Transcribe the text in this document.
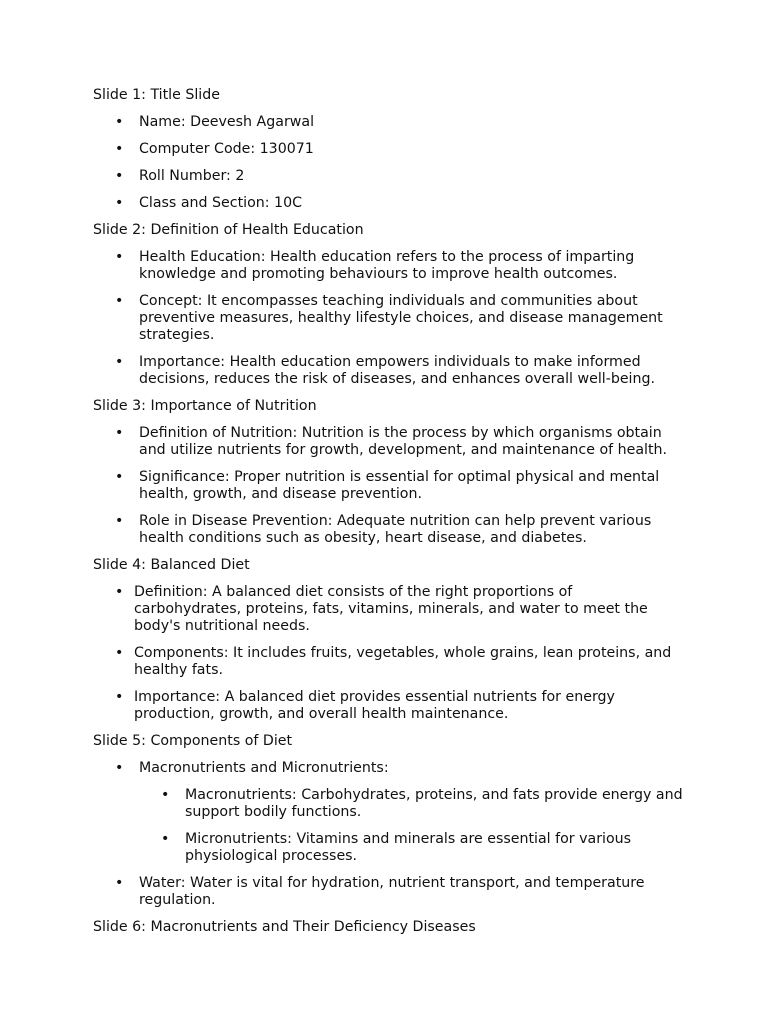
Slide 1: Title Slide
• Name: Deevesh Agarwal
• Computer Code: 130071
• Roll Number: 2
• Class and Section: 10C
Slide 2: Definition of Health Education
• Health Education: Health education refers to the process of imparting knowledge and promoting behaviours to improve health outcomes.
• Concept: It encompasses teaching individuals and communities about preventive measures, healthy lifestyle choices, and disease management strategies.
• Importance: Health education empowers individuals to make informed decisions, reduces the risk of diseases, and enhances overall well-being.
Slide 3: Importance of Nutrition
• Definition of Nutrition: Nutrition is the process by which organisms obtain and utilize nutrients for growth, development, and maintenance of health.
• Significance: Proper nutrition is essential for optimal physical and mental health, growth, and disease prevention.
• Role in Disease Prevention: Adequate nutrition can help prevent various health conditions such as obesity, heart disease, and diabetes.
Slide 4: Balanced Diet
• Definition: A balanced diet consists of the right proportions of carbohydrates, proteins, fats, vitamins, minerals, and water to meet the body's nutritional needs.
• Components: It includes fruits, vegetables, whole grains, lean proteins, and healthy fats.
• Importance: A balanced diet provides essential nutrients for energy production, growth, and overall health maintenance.
Slide 5: Components of Diet
• Macronutrients and Micronutrients:
• Macronutrients: Carbohydrates, proteins, and fats provide energy and support bodily functions.
• Micronutrients: Vitamins and minerals are essential for various physiological processes.
• Water: Water is vital for hydration, nutrient transport, and temperature regulation.
Slide 6: Macronutrients and Their Deficiency Diseases
